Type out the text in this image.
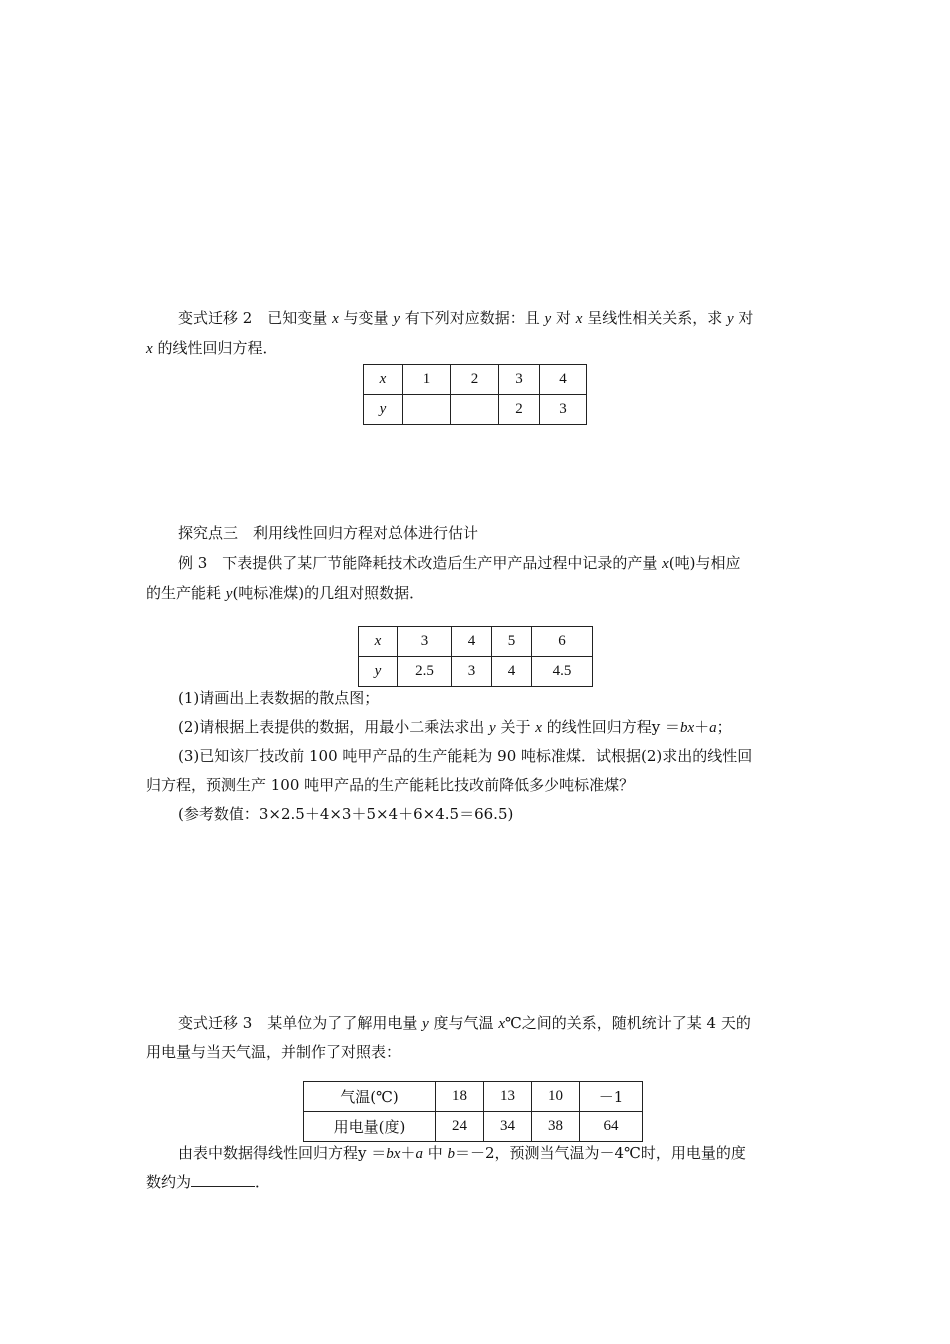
变式迁移 2　已知变量 x 与变量 y 有下列对应数据：且 y 对 x 呈线性相关关系，求 y 对
x 的线性回归方程．
x	1	2	3	4
y			2	3
探究点三　利用线性回归方程对总体进行估计
例 3　下表提供了某厂节能降耗技术改造后生产甲产品过程中记录的产量 x(吨)与相应
的生产能耗 y(吨标准煤)的几组对照数据．
x	3	4	5	6
y	2.5	3	4	4.5
(1)请画出上表数据的散点图；
(2)请根据上表提供的数据，用最小二乘法求出 y 关于 x 的线性回归方程y ＝bx＋a；
(3)已知该厂技改前 100 吨甲产品的生产能耗为 90 吨标准煤．试根据(2)求出的线性回
归方程，预测生产 100 吨甲产品的生产能耗比技改前降低多少吨标准煤？
(参考数值：3×2.5＋4×3＋5×4＋6×4.5＝66.5)
变式迁移 3　某单位为了了解用电量 y 度与气温 x℃之间的关系，随机统计了某 4 天的
用电量与当天气温，并制作了对照表：
气温(℃)	18	13	10	－1
用电量(度)	24	34	38	64
由表中数据得线性回归方程y ＝bx＋a 中 b＝－2，预测当气温为－4℃时，用电量的度
数约为	．
